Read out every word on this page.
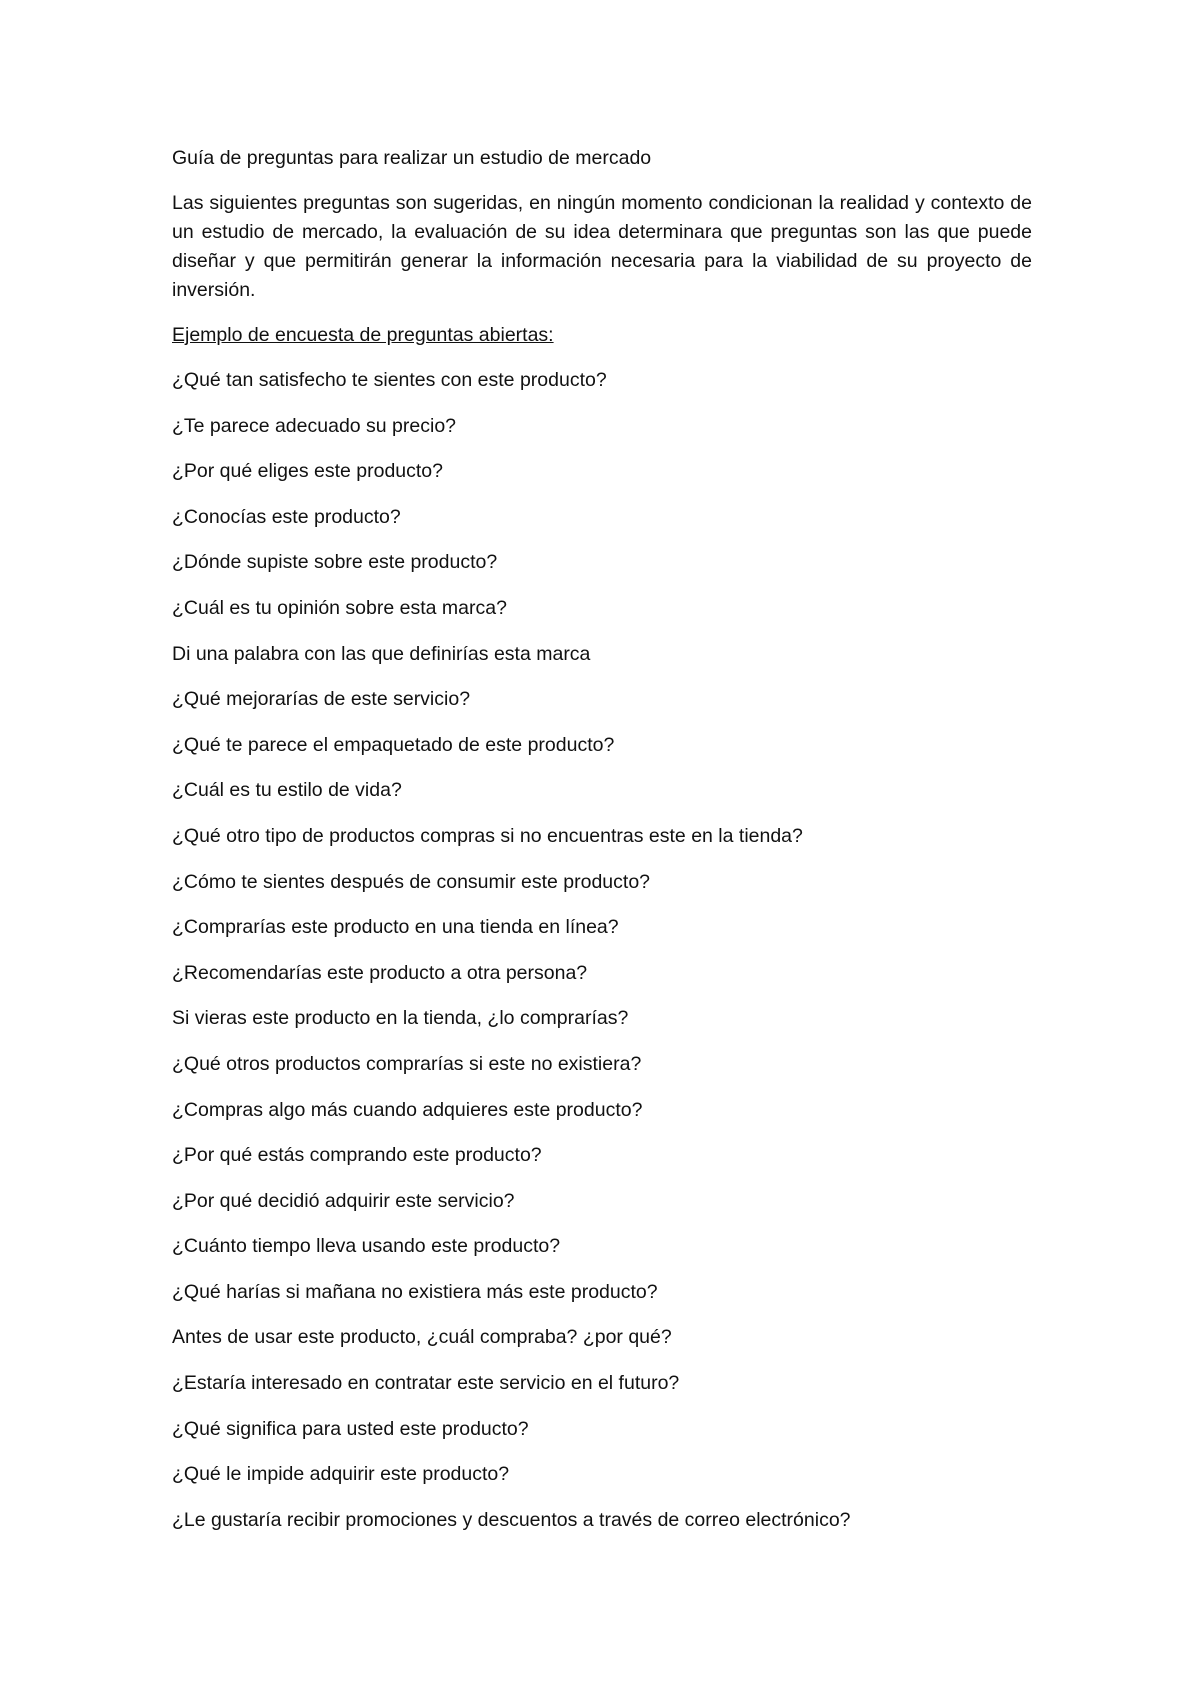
Guía de preguntas para realizar un estudio de mercado

Las siguientes preguntas son sugeridas, en ningún momento condicionan la realidad y contexto de un estudio de mercado, la evaluación de su idea determinara que preguntas son las que puede diseñar y que permitirán generar la información necesaria para la viabilidad de su proyecto de inversión.

Ejemplo de encuesta de preguntas abiertas:

¿Qué tan satisfecho te sientes con este producto?
¿Te parece adecuado su precio?
¿Por qué eliges este producto?
¿Conocías este producto?
¿Dónde supiste sobre este producto?
¿Cuál es tu opinión sobre esta marca?
Di una palabra con las que definirías esta marca
¿Qué mejorarías de este servicio?
¿Qué te parece el empaquetado de este producto?
¿Cuál es tu estilo de vida?
¿Qué otro tipo de productos compras si no encuentras este en la tienda?
¿Cómo te sientes después de consumir este producto?
¿Comprarías este producto en una tienda en línea?
¿Recomendarías este producto a otra persona?
Si vieras este producto en la tienda, ¿lo comprarías?
¿Qué otros productos comprarías si este no existiera?
¿Compras algo más cuando adquieres este producto?
¿Por qué estás comprando este producto?
¿Por qué decidió adquirir este servicio?
¿Cuánto tiempo lleva usando este producto?
¿Qué harías si mañana no existiera más este producto?
Antes de usar este producto, ¿cuál compraba? ¿por qué?
¿Estaría interesado en contratar este servicio en el futuro?
¿Qué significa para usted este producto?
¿Qué le impide adquirir este producto?
¿Le gustaría recibir promociones y descuentos a través de correo electrónico?
